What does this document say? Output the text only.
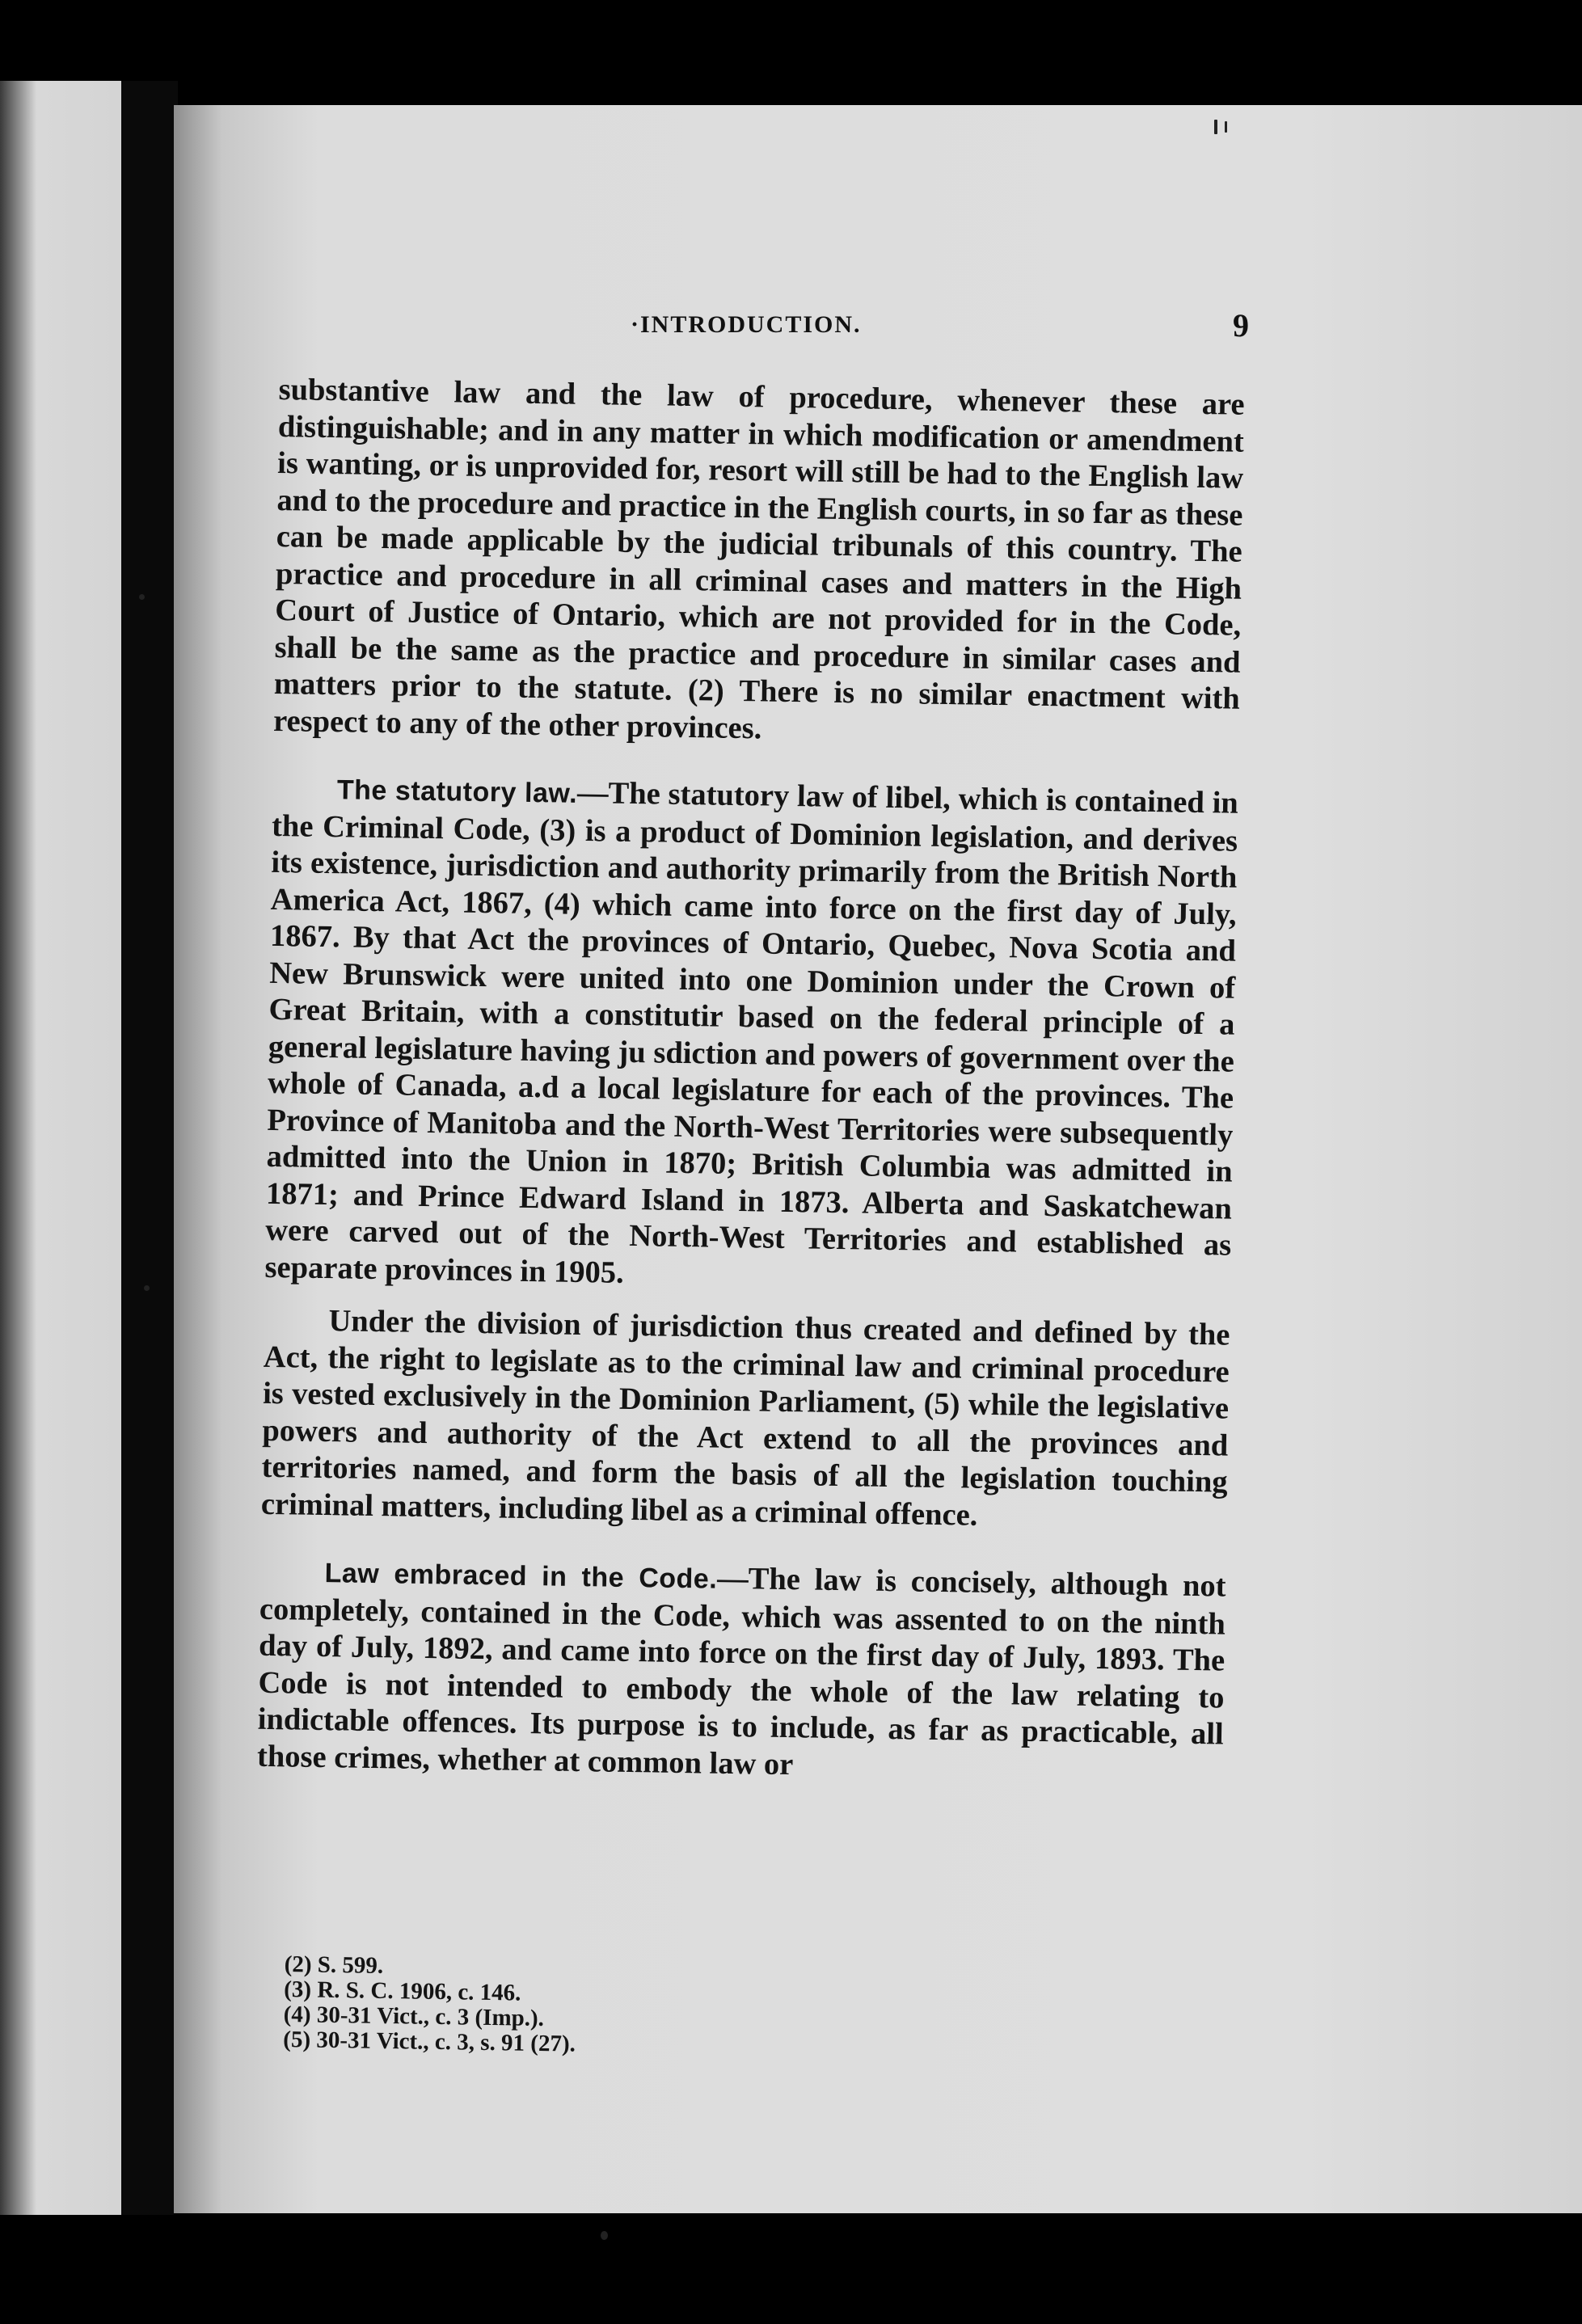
·INTRODUCTION.	9

substantive law and the law of procedure, whenever these are distinguishable; and in any matter in which modification or amendment is wanting, or is unprovided for, resort will still be had to the English law and to the procedure and practice in the English courts, in so far as these can be made applicable by the judicial tribunals of this country. The practice and procedure in all criminal cases and matters in the High Court of Justice of Ontario, which are not provided for in the Code, shall be the same as the practice and procedure in similar cases and matters prior to the statute. (2) There is no similar enactment with respect to any of the other provinces.

The statutory law.—The statutory law of libel, which is contained in the Criminal Code, (3) is a product of Dominion legislation, and derives its existence, jurisdiction and authority primarily from the British North America Act, 1867, (4) which came into force on the first day of July, 1867. By that Act the provinces of Ontario, Quebec, Nova Scotia and New Brunswick were united into one Dominion under the Crown of Great Britain, with a constitutir based on the federal principle of a general legislature having ju sdiction and powers of government over the whole of Canada, a.d a local legislature for each of the provinces. The Province of Manitoba and the North-West Territories were subsequently admitted into the Union in 1870; British Columbia was admitted in 1871; and Prince Edward Island in 1873. Alberta and Saskatchewan were carved out of the North-West Territories and established as separate provinces in 1905.

Under the division of jurisdiction thus created and defined by the Act, the right to legislate as to the criminal law and criminal procedure is vested exclusively in the Dominion Parliament, (5) while the legislative powers and authority of the Act extend to all the provinces and territories named, and form the basis of all the legislation touching criminal matters, including libel as a criminal offence.

Law embraced in the Code.—The law is concisely, although not completely, contained in the Code, which was assented to on the ninth day of July, 1892, and came into force on the first day of July, 1893. The Code is not intended to embody the whole of the law relating to indictable offences. Its purpose is to include, as far as practicable, all those crimes, whether at common law or

(2) S. 599.
(3) R. S. C. 1906, c. 146.
(4) 30-31 Vict., c. 3 (Imp.).
(5) 30-31 Vict., c. 3, s. 91 (27).
